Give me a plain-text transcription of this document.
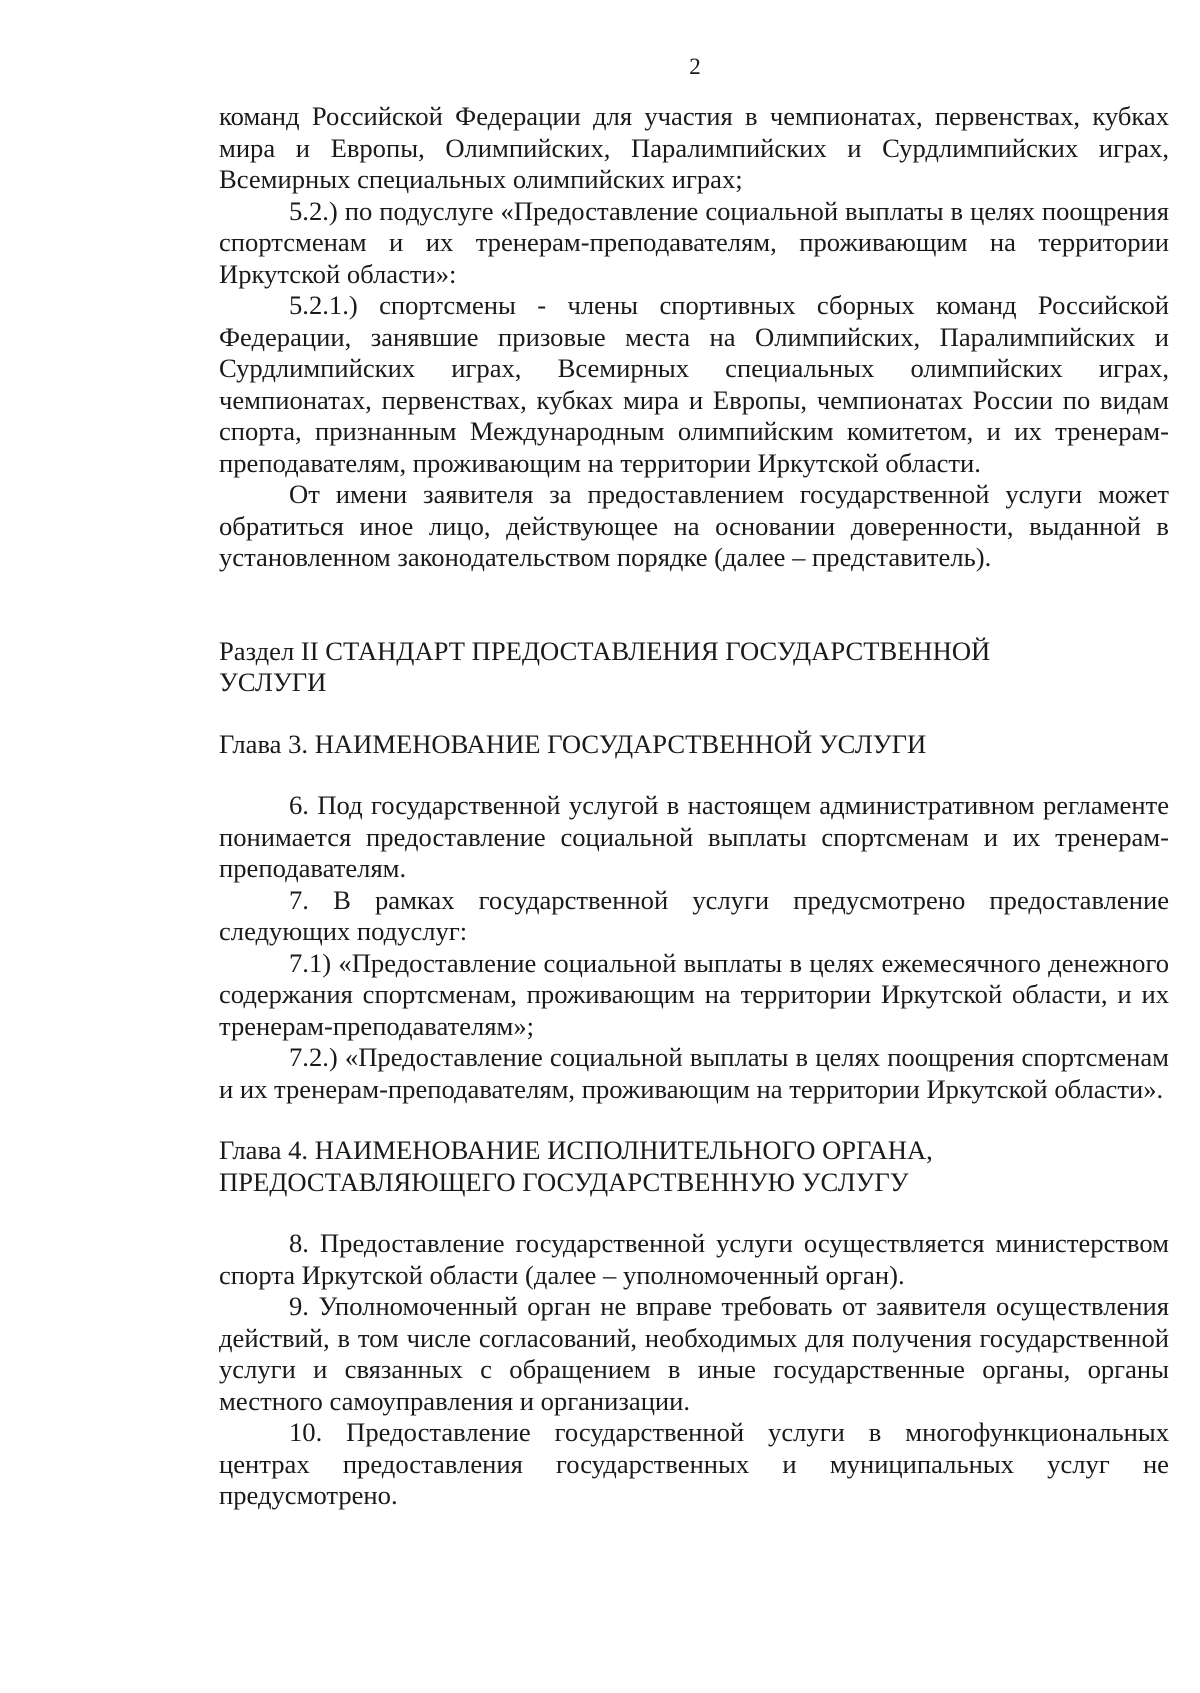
2

команд Российской Федерации для участия в чемпионатах, первенствах, кубках мира и Европы, Олимпийских, Паралимпийских и Сурдлимпийских играх, Всемирных специальных олимпийских играх;

5.2.) по подуслуге «Предоставление социальной выплаты в целях поощрения спортсменам и их тренерам-преподавателям, проживающим на территории Иркутской области»:

5.2.1.) спортсмены - члены спортивных сборных команд Российской Федерации, занявшие призовые места на Олимпийских, Паралимпийских и Сурдлимпийских играх, Всемирных специальных олимпийских играх, чемпионатах, первенствах, кубках мира и Европы, чемпионатах России по видам спорта, признанным Международным олимпийским комитетом, и их тренерам-преподавателям, проживающим на территории Иркутской области.

От имени заявителя за предоставлением государственной услуги может обратиться иное лицо, действующее на основании доверенности, выданной в установленном законодательством порядке (далее – представитель).

Раздел II СТАНДАРТ ПРЕДОСТАВЛЕНИЯ ГОСУДАРСТВЕННОЙ

УСЛУГИ

Глава 3. НАИМЕНОВАНИЕ ГОСУДАРСТВЕННОЙ УСЛУГИ

6. Под государственной услугой в настоящем административном регламенте понимается предоставление социальной выплаты спортсменам и их тренерам-преподавателям.

7. В рамках государственной услуги предусмотрено предоставление следующих подуслуг:

7.1) «Предоставление социальной выплаты в целях ежемесячного денежного содержания спортсменам, проживающим на территории Иркутской области, и их тренерам-преподавателям»;

7.2.) «Предоставление социальной выплаты в целях поощрения спортсменам и их тренерам-преподавателям, проживающим на территории Иркутской области».

Глава 4. НАИМЕНОВАНИЕ ИСПОЛНИТЕЛЬНОГО ОРГАНА,

ПРЕДОСТАВЛЯЮЩЕГО ГОСУДАРСТВЕННУЮ УСЛУГУ

8. Предоставление государственной услуги осуществляется министерством спорта Иркутской области (далее – уполномоченный орган).

9. Уполномоченный орган не вправе требовать от заявителя осуществления действий, в том числе согласований, необходимых для получения государственной услуги и связанных с обращением в иные государственные органы, органы местного самоуправления и организации.

10. Предоставление государственной услуги в многофункциональных центрах предоставления государственных и муниципальных услуг не предусмотрено.
